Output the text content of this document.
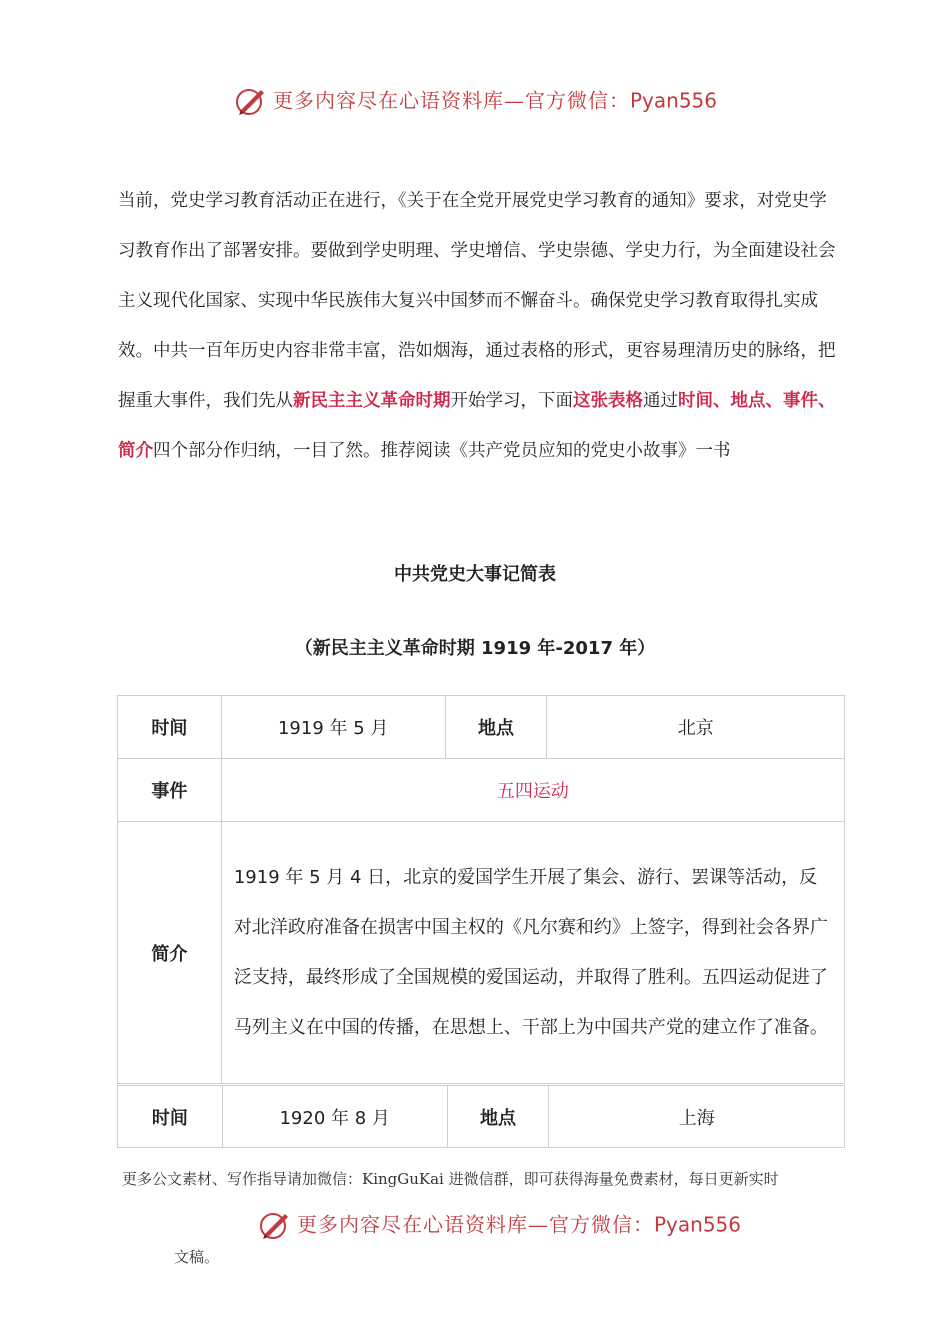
更多内容尽在心语资料库—官方微信：Pyan556
当前，党史学习教育活动正在进行，《关于在全党开展党史学习教育的通知》要求，对党史学习教育作出了部署安排。要做到学史明理、学史增信、学史崇德、学史力行，为全面建设社会主义现代化国家、实现中华民族伟大复兴中国梦而不懈奋斗。确保党史学习教育取得扎实成效。中共一百年历史内容非常丰富，浩如烟海，通过表格的形式，更容易理清历史的脉络，把握重大事件，我们先从新民主主义革命时期开始学习，下面这张表格通过时间、地点、事件、简介四个部分作归纳，一目了然。推荐阅读《共产党员应知的党史小故事》一书
中共党史大事记简表
（新民主主义革命时期 1919 年-2017 年）
时间	1919 年 5 月	地点	北京
事件	五四运动		
简介	1919 年 5 月 4 日，北京的爱国学生开展了集会、游行、罢课等活动，反对北洋政府准备在损害中国主权的《凡尔赛和约》上签字，得到社会各界广泛支持，最终形成了全国规模的爱国运动，并取得了胜利。五四运动促进了马列主义在中国的传播，在思想上、干部上为中国共产党的建立作了准备。		
时间	1920 年 8 月	地点	上海
更多公文素材、写作指导请加微信：KingGuKai 进微信群，即可获得海量免费素材，每日更新实时
更多内容尽在心语资料库—官方微信：Pyan556
文稿。
